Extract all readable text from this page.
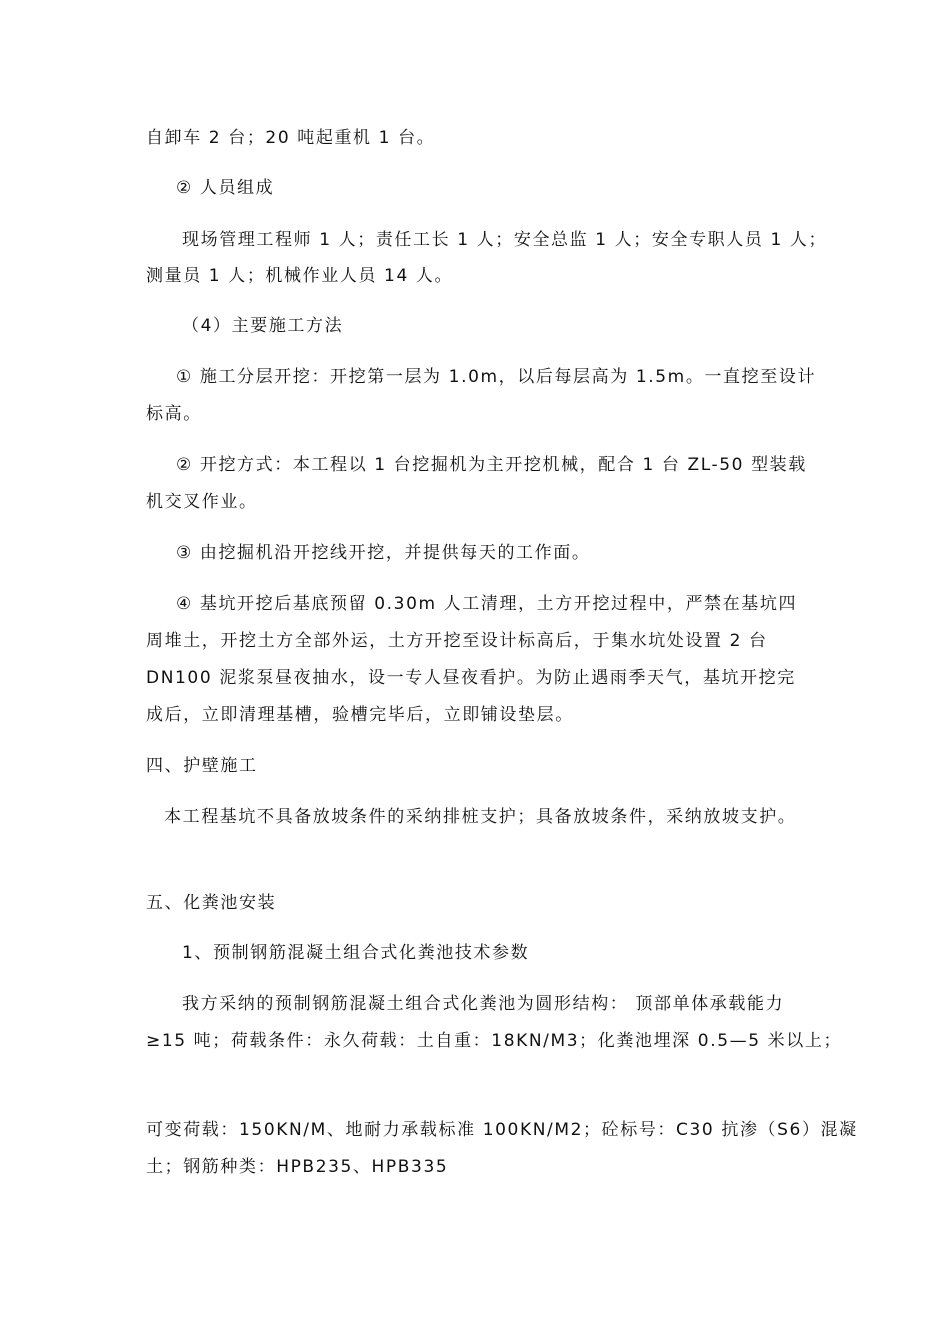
自卸车 2 台；20 吨起重机 1 台。

② 人员组成

现场管理工程师 1 人；责任工长 1 人；安全总监 1 人；安全专职人员 1 人；

测量员 1 人；机械作业人员 14 人。

（4）主要施工方法

① 施工分层开挖：开挖第一层为 1.0m，以后每层高为 1.5m。一直挖至设计

标高。

② 开挖方式：本工程以 1 台挖掘机为主开挖机械，配合 1 台 ZL-50 型装载

机交叉作业。

③ 由挖掘机沿开挖线开挖，并提供每天的工作面。

④ 基坑开挖后基底预留 0.30m 人工清理，土方开挖过程中，严禁在基坑四

周堆土，开挖土方全部外运，土方开挖至设计标高后，于集水坑处设置 2 台

DN100 泥浆泵昼夜抽水，设一专人昼夜看护。为防止遇雨季天气，基坑开挖完

成后，立即清理基槽，验槽完毕后，立即铺设垫层。

四、护壁施工

本工程基坑不具备放坡条件的采纳排桩支护；具备放坡条件，采纳放坡支护。

五、化粪池安装

1、预制钢筋混凝土组合式化粪池技术参数

我方采纳的预制钢筋混凝土组合式化粪池为圆形结构： 顶部单体承载能力

≥15 吨；荷载条件：永久荷载：土自重：18KN/M3；化粪池埋深 0.5—5 米以上；

可变荷载：150KN/M、地耐力承载标准 100KN/M2；砼标号：C30 抗渗（S6）混凝

土；钢筋种类：HPB235、HPB335
